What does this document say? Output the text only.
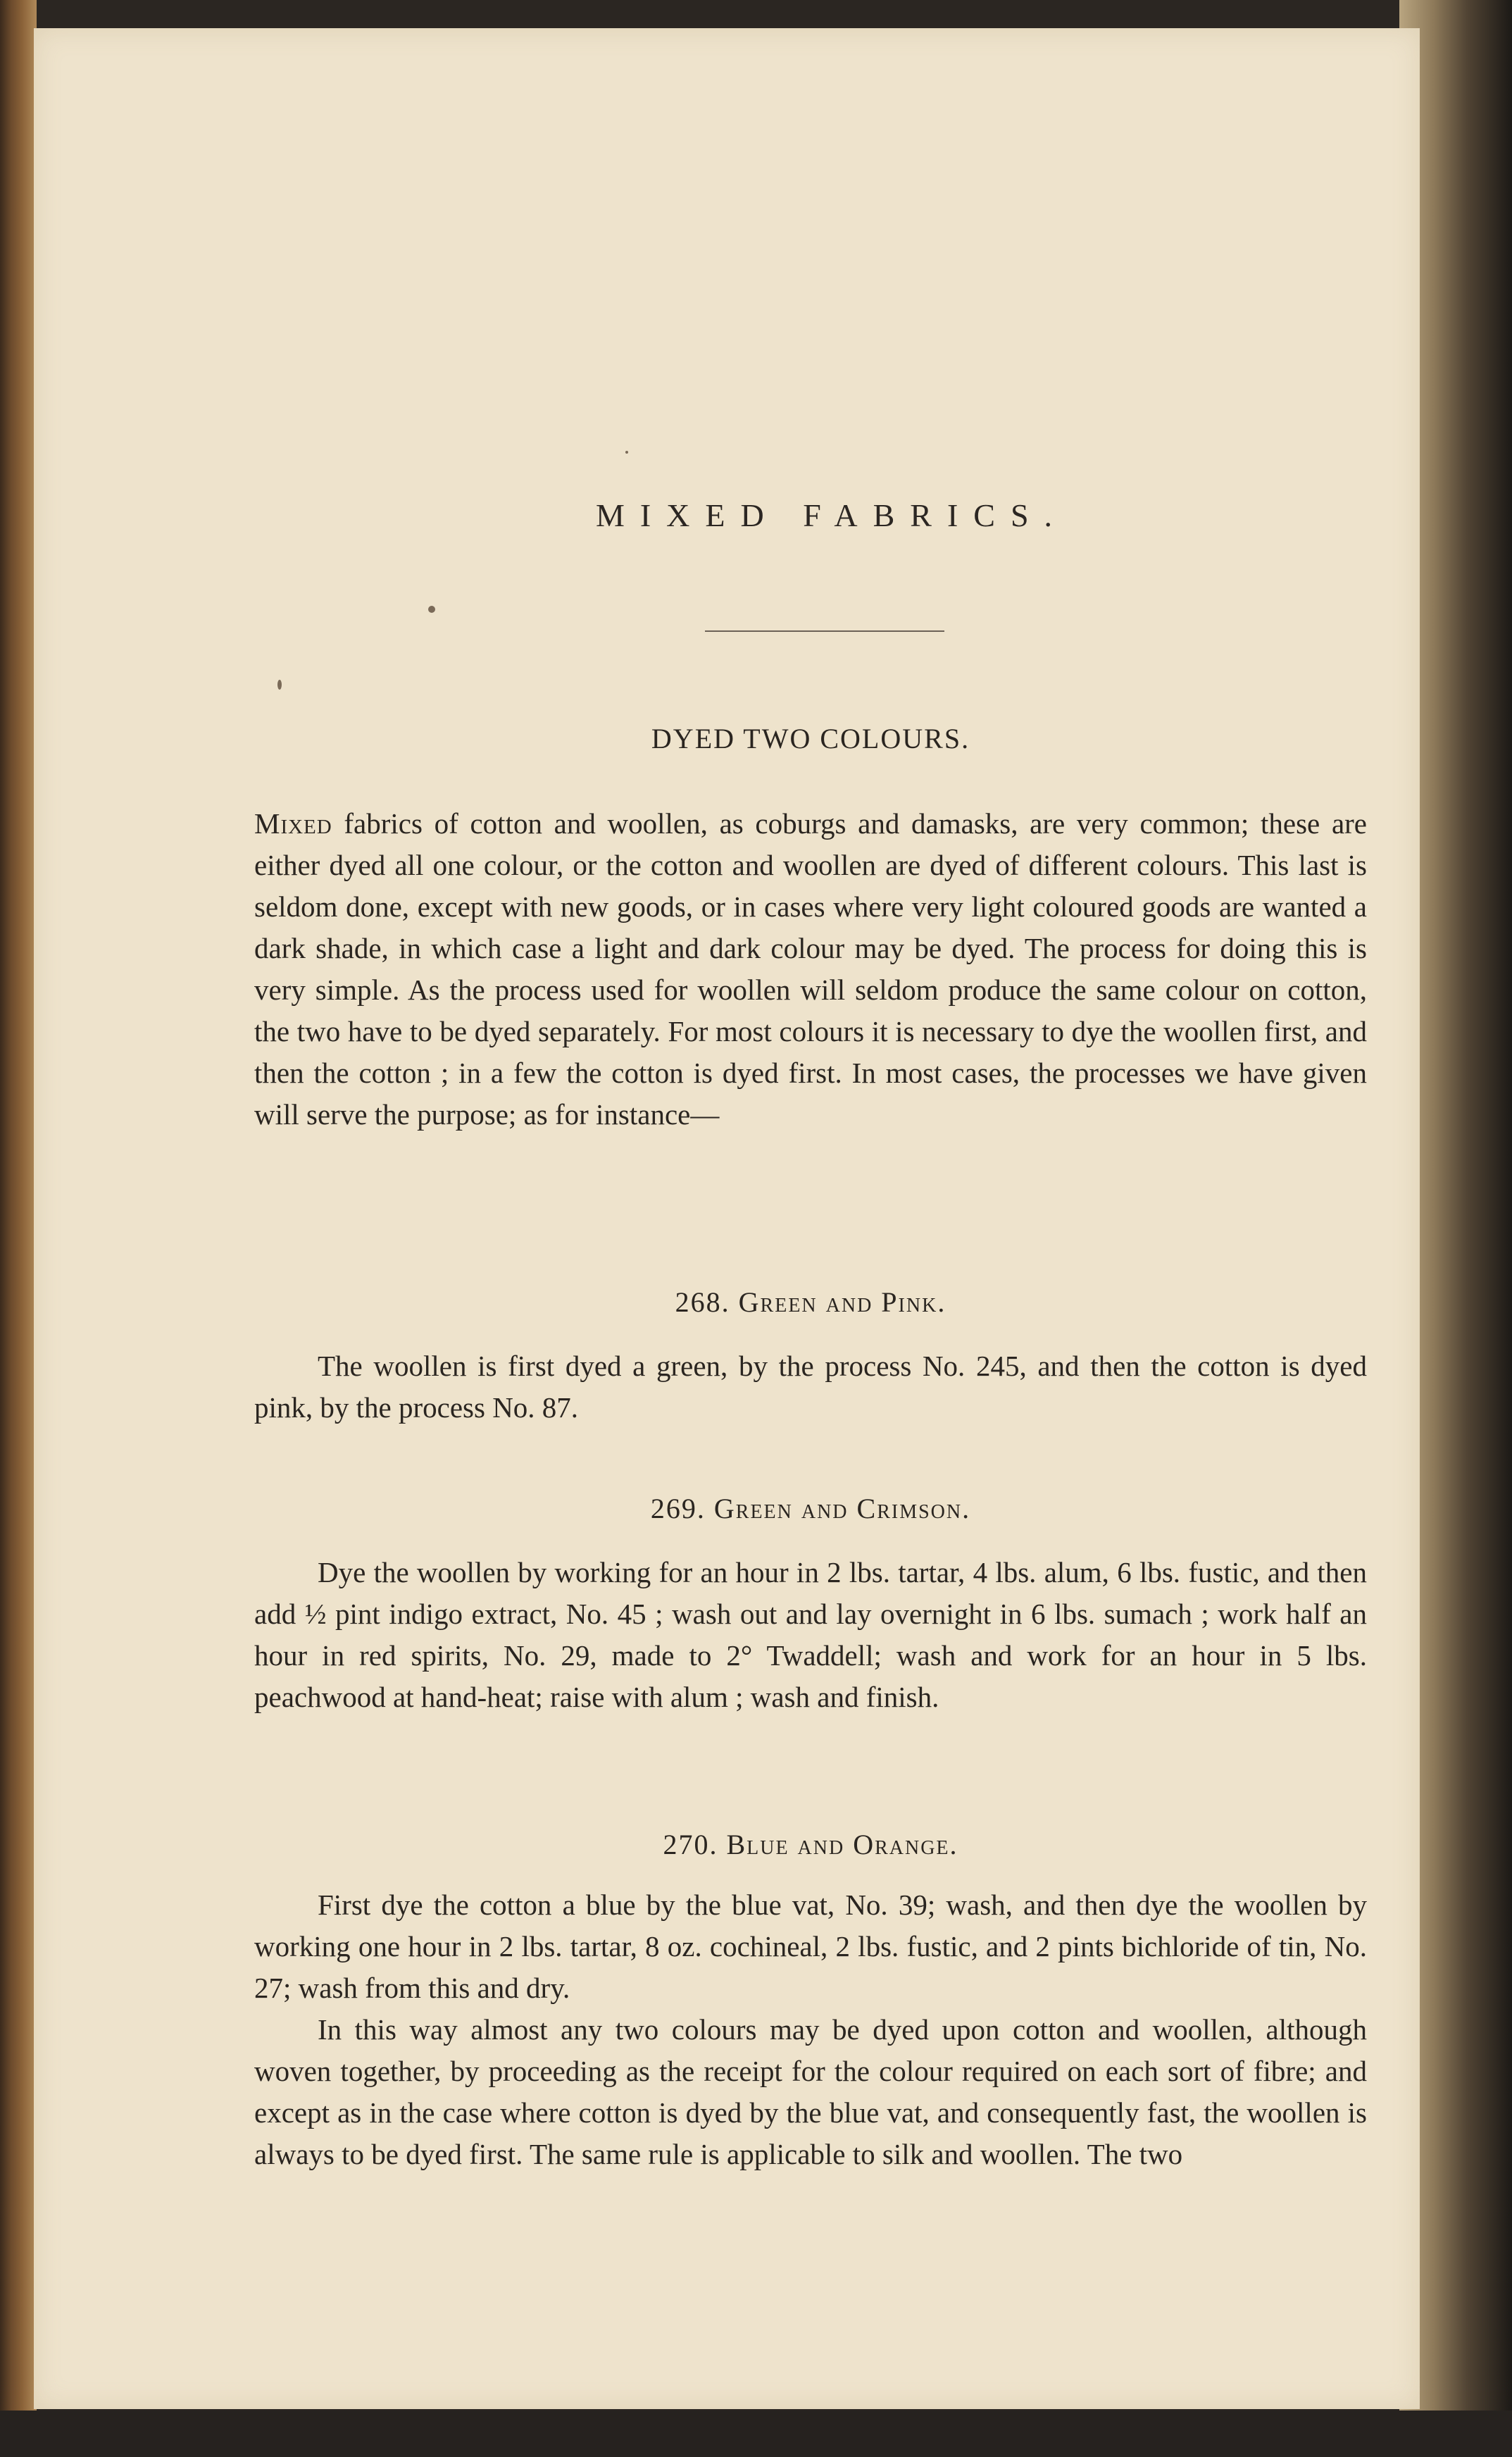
MIXED FABRICS.
DYED TWO COLOURS.

Mixed fabrics of cotton and woollen, as coburgs and damasks, are very common; these are either dyed all one colour, or the cotton and woollen are dyed of different colours. This last is seldom done, except with new goods, or in cases where very light coloured goods are wanted a dark shade, in which case a light and dark colour may be dyed. The process for doing this is very simple. As the process used for woollen will seldom produce the same colour on cotton, the two have to be dyed separately. For most colours it is necessary to dye the woollen first, and then the cotton ; in a few the cotton is dyed first. In most cases, the processes we have given will serve the purpose; as for instance—

268. Green and Pink.

The woollen is first dyed a green, by the process No. 245, and then the cotton is dyed pink, by the process No. 87.

269. Green and Crimson.

Dye the woollen by working for an hour in 2 lbs. tartar, 4 lbs. alum, 6 lbs. fustic, and then add ½ pint indigo extract, No. 45 ; wash out and lay overnight in 6 lbs. sumach ; work half an hour in red spirits, No. 29, made to 2° Twaddell; wash and work for an hour in 5 lbs. peachwood at hand-heat; raise with alum ; wash and finish.

270. Blue and Orange.

First dye the cotton a blue by the blue vat, No. 39; wash, and then dye the woollen by working one hour in 2 lbs. tartar, 8 oz. cochineal, 2 lbs. fustic, and 2 pints bichloride of tin, No. 27; wash from this and dry.

In this way almost any two colours may be dyed upon cotton and woollen, although woven together, by proceeding as the receipt for the colour required on each sort of fibre; and except as in the case where cotton is dyed by the blue vat, and consequently fast, the woollen is always to be dyed first. The same rule is applicable to silk and woollen. The two
